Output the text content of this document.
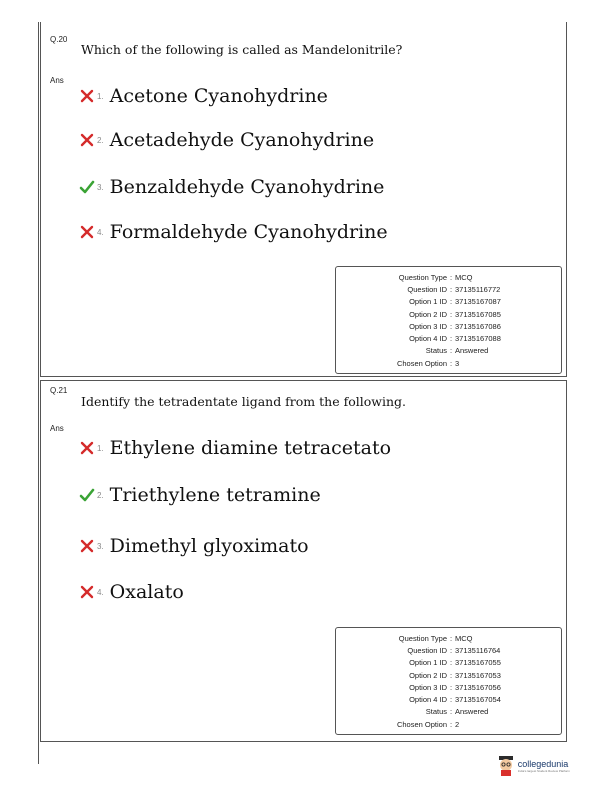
Q.20
Which of the following is called as Mandelonitrile?
Ans
1. Acetone Cyanohydrine
2. Acetadehyde Cyanohydrine
3. Benzaldehyde Cyanohydrine
4. Formaldehyde Cyanohydrine
Question Type : MCQ
Question ID : 37135116772
Option 1 ID : 37135167087
Option 2 ID : 37135167085
Option 3 ID : 37135167086
Option 4 ID : 37135167088
Status : Answered
Chosen Option : 3
Q.21
Identify the tetradentate ligand from the following.
Ans
1. Ethylene diamine tetracetato
2. Triethylene tetramine
3. Dimethyl glyoximato
4. Oxalato
Question Type : MCQ
Question ID : 37135116764
Option 1 ID : 37135167055
Option 2 ID : 37135167053
Option 3 ID : 37135167056
Option 4 ID : 37135167054
Status : Answered
Chosen Option : 2
collegedunia
India's largest Student Review Platform
